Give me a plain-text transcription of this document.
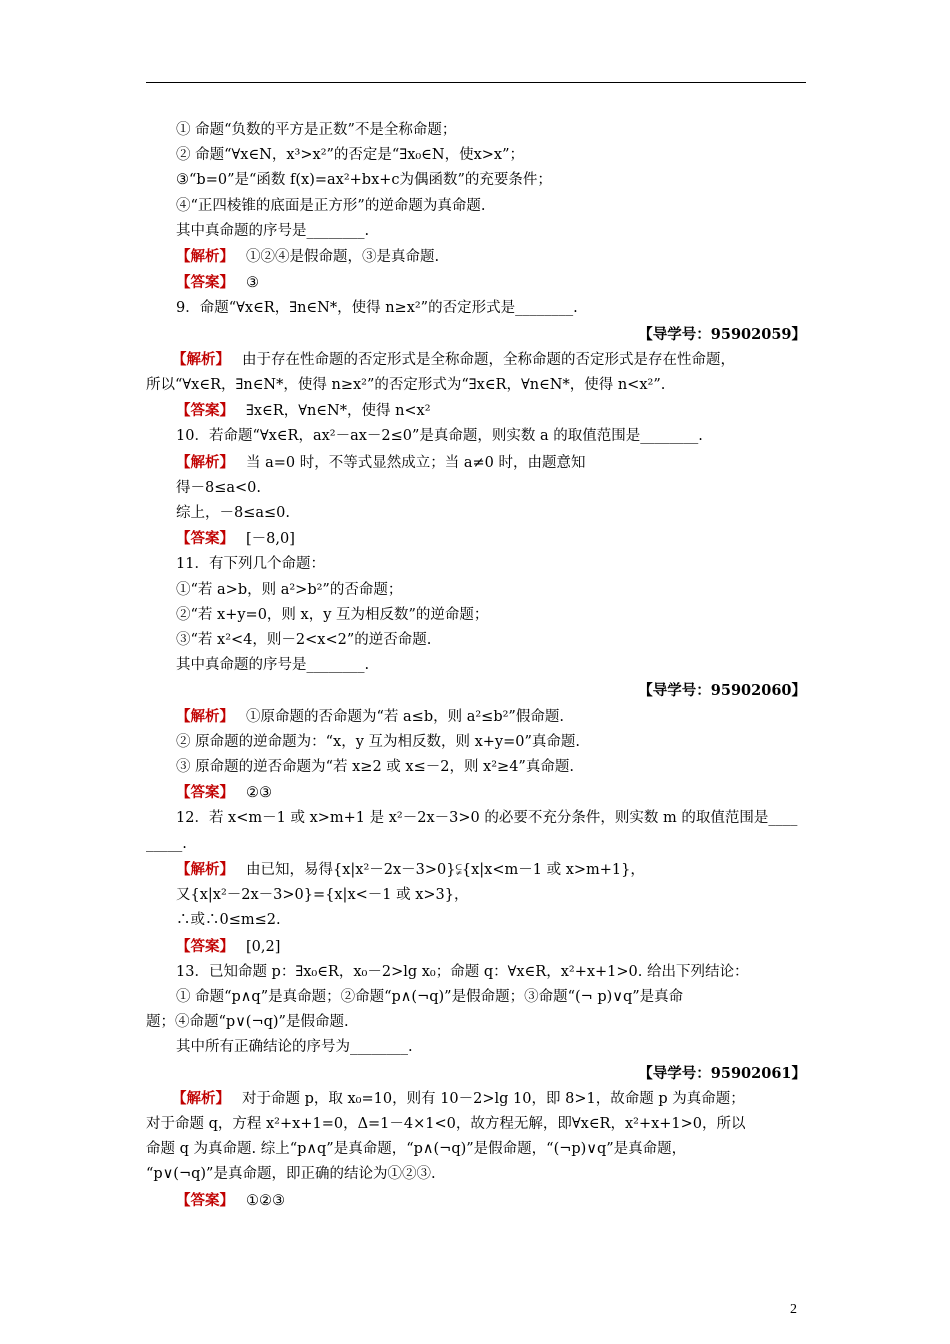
① 命题“负数的平方是正数”不是全称命题；
② 命题“∀x∈N，x³>x²”的否定是“∃x₀∈N，使x>x”；
③“b=0”是“函数 f(x)=ax²+bx+c为偶函数”的充要条件；
④“正四棱锥的底面是正方形”的逆命题为真命题.
其中真命题的序号是________.
【解析】 ①②④是假命题，③是真命题.
【答案】 ③
9．命题“∀x∈R，∃n∈N*，使得 n≥x²”的否定形式是________.
【导学号：95902059】
【解析】 由于存在性命题的否定形式是全称命题，全称命题的否定形式是存在性命题，
所以“∀x∈R，∃n∈N*，使得 n≥x²”的否定形式为“∃x∈R，∀n∈N*，使得 n<x²”.
【答案】 ∃x∈R，∀n∈N*，使得 n<x²
10．若命题“∀x∈R，ax²－ax－2≤0”是真命题，则实数 a 的取值范围是________.
【解析】 当 a=0 时，不等式显然成立；当 a≠0 时，由题意知
得－8≤a<0.
综上，－8≤a≤0.
【答案】 [－8,0]
11．有下列几个命题：
①“若 a>b，则 a²>b²”的否命题；
②“若 x+y=0，则 x，y 互为相反数”的逆命题；
③“若 x²<4，则－2<x<2”的逆否命题.
其中真命题的序号是________.
【导学号：95902060】
【解析】 ①原命题的否命题为“若 a≤b，则 a²≤b²”假命题.
② 原命题的逆命题为：“x，y 互为相反数，则 x+y=0”真命题.
③ 原命题的逆否命题为“若 x≥2 或 x≤－2，则 x²≥4”真命题.
【答案】 ②③
12．若 x<m－1 或 x>m+1 是 x²－2x－3>0 的必要不充分条件，则实数 m 的取值范围是____
_____.
【解析】 由已知，易得{x|x²－2x－3>0}⫋{x|x<m－1 或 x>m+1}，
又{x|x²－2x－3>0}={x|x<－1 或 x>3}，
∴或∴0≤m≤2.
【答案】 [0,2]
13．已知命题 p：∃x₀∈R，x₀－2>lg x₀；命题 q：∀x∈R，x²+x+1>0. 给出下列结论：
① 命题“p∧q”是真命题；②命题“p∧(¬q)”是假命题；③命题“(¬ p)∨q”是真命
题；④命题“p∨(¬q)”是假命题.
其中所有正确结论的序号为________.
【导学号：95902061】
【解析】 对于命题 p，取 x₀=10，则有 10－2>lg 10，即 8>1，故命题 p 为真命题；
对于命题 q，方程 x²+x+1=0，Δ=1－4×1<0，故方程无解，即∀x∈R，x²+x+1>0，所以
命题 q 为真命题. 综上“p∧q”是真命题，“p∧(¬q)”是假命题，“(¬p)∨q”是真命题，
“p∨(¬q)”是真命题，即正确的结论为①②③.
【答案】 ①②③
2
